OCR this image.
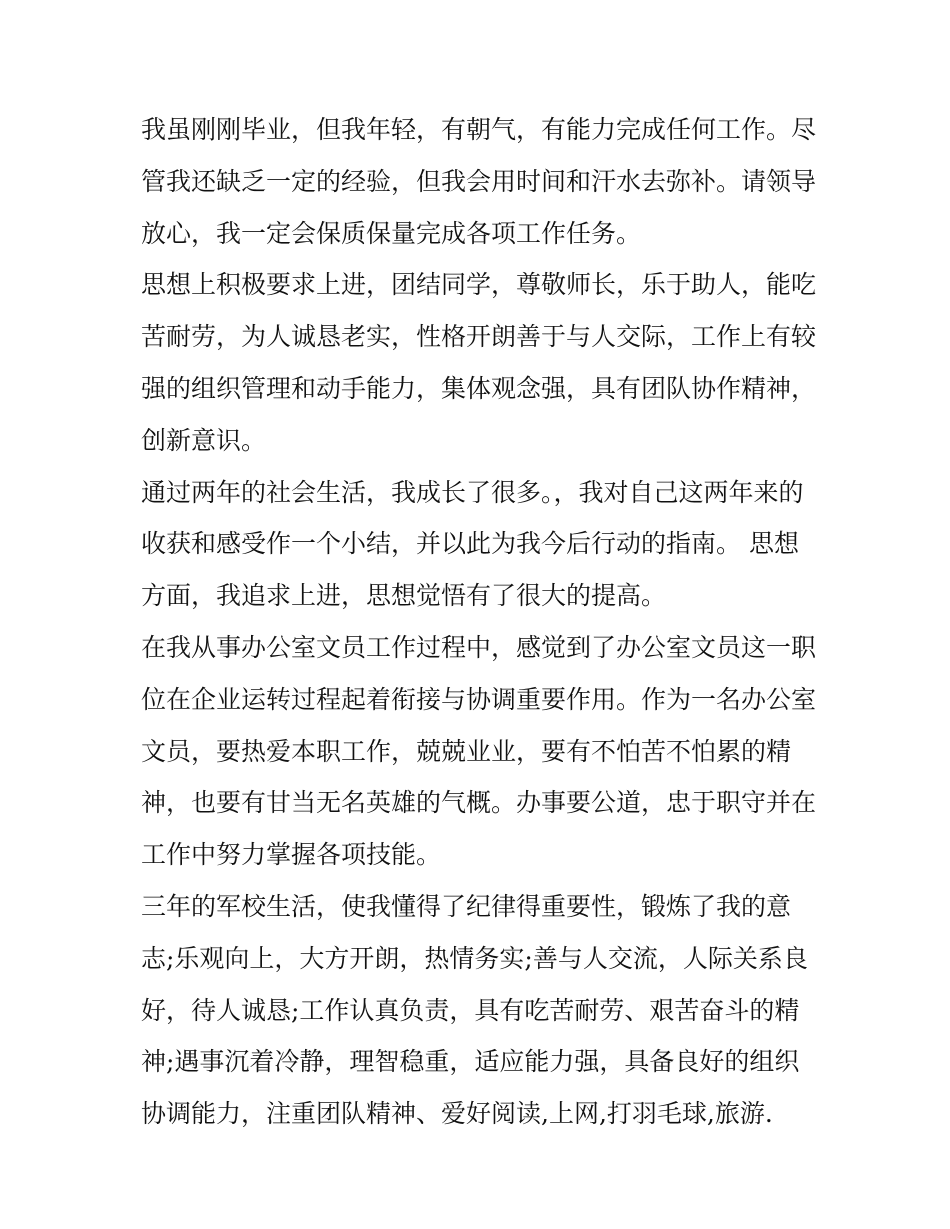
我虽刚刚毕业，但我年轻，有朝气，有能力完成任何工作。尽
管我还缺乏一定的经验，但我会用时间和汗水去弥补。请领导
放心，我一定会保质保量完成各项工作任务。
思想上积极要求上进，团结同学，尊敬师长，乐于助人，能吃
苦耐劳，为人诚恳老实，性格开朗善于与人交际，工作上有较
强的组织管理和动手能力，集体观念强，具有团队协作精神，
创新意识。
通过两年的社会生活，我成长了很多。，我对自己这两年来的
收获和感受作一个小结，并以此为我今后行动的指南。 思想
方面，我追求上进，思想觉悟有了很大的提高。
在我从事办公室文员工作过程中，感觉到了办公室文员这一职
位在企业运转过程起着衔接与协调重要作用。作为一名办公室
文员，要热爱本职工作，兢兢业业，要有不怕苦不怕累的精
神，也要有甘当无名英雄的气概。办事要公道，忠于职守并在
工作中努力掌握各项技能。
三年的军校生活，使我懂得了纪律得重要性，锻炼了我的意
志;乐观向上，大方开朗，热情务实;善与人交流，人际关系良
好，待人诚恳;工作认真负责，具有吃苦耐劳、艰苦奋斗的精
神;遇事沉着冷静，理智稳重，适应能力强，具备良好的组织
协调能力，注重团队精神、爱好阅读,上网,打羽毛球,旅游.
